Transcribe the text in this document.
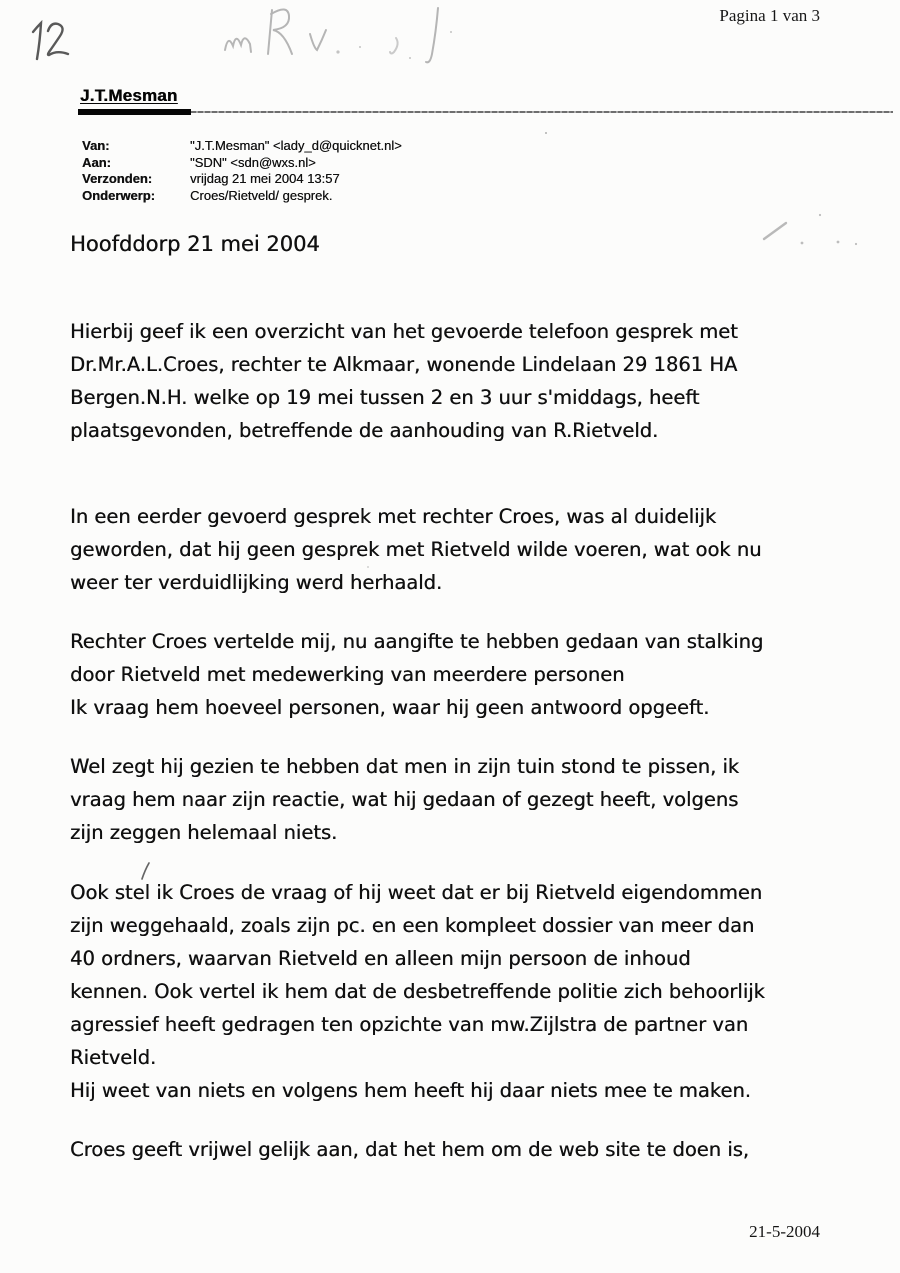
Pagina 1 van 3
J.T.Mesman
Van:	"J.T.Mesman" <lady_d@quicknet.nl>
Aan:	"SDN" <sdn@wxs.nl>
Verzonden:	vrijdag 21 mei 2004 13:57
Onderwerp:	Croes/Rietveld/ gesprek.
Hoofddorp 21 mei 2004
Hierbij geef ik een overzicht van het gevoerde telefoon gesprek met
Dr.Mr.A.L.Croes, rechter te Alkmaar, wonende Lindelaan 29 1861 HA
Bergen.N.H. welke op 19 mei tussen 2 en 3 uur s'middags, heeft
plaatsgevonden, betreffende de aanhouding van R.Rietveld.
In een eerder gevoerd gesprek met rechter Croes, was al duidelijk
geworden, dat hij geen gesprek met Rietveld wilde voeren, wat ook nu
weer ter verduidlijking werd herhaald.
Rechter Croes vertelde mij, nu aangifte te hebben gedaan van stalking
door Rietveld met medewerking van meerdere personen
Ik vraag hem hoeveel personen, waar hij geen antwoord opgeeft.
Wel zegt hij gezien te hebben dat men in zijn tuin stond te pissen, ik
vraag hem naar zijn reactie, wat hij gedaan of gezegt heeft, volgens
zijn zeggen helemaal niets.
Ook stel ik Croes de vraag of hij weet dat er bij Rietveld eigendommen
zijn weggehaald, zoals zijn pc. en een kompleet dossier van meer dan
40 ordners, waarvan Rietveld en alleen mijn persoon de inhoud
kennen. Ook vertel ik hem dat de desbetreffende politie zich behoorlijk
agressief heeft gedragen ten opzichte van mw.Zijlstra de partner van
Rietveld.
Hij weet van niets en volgens hem heeft hij daar niets mee te maken.
Croes geeft vrijwel gelijk aan, dat het hem om de web site te doen is,
21-5-2004
